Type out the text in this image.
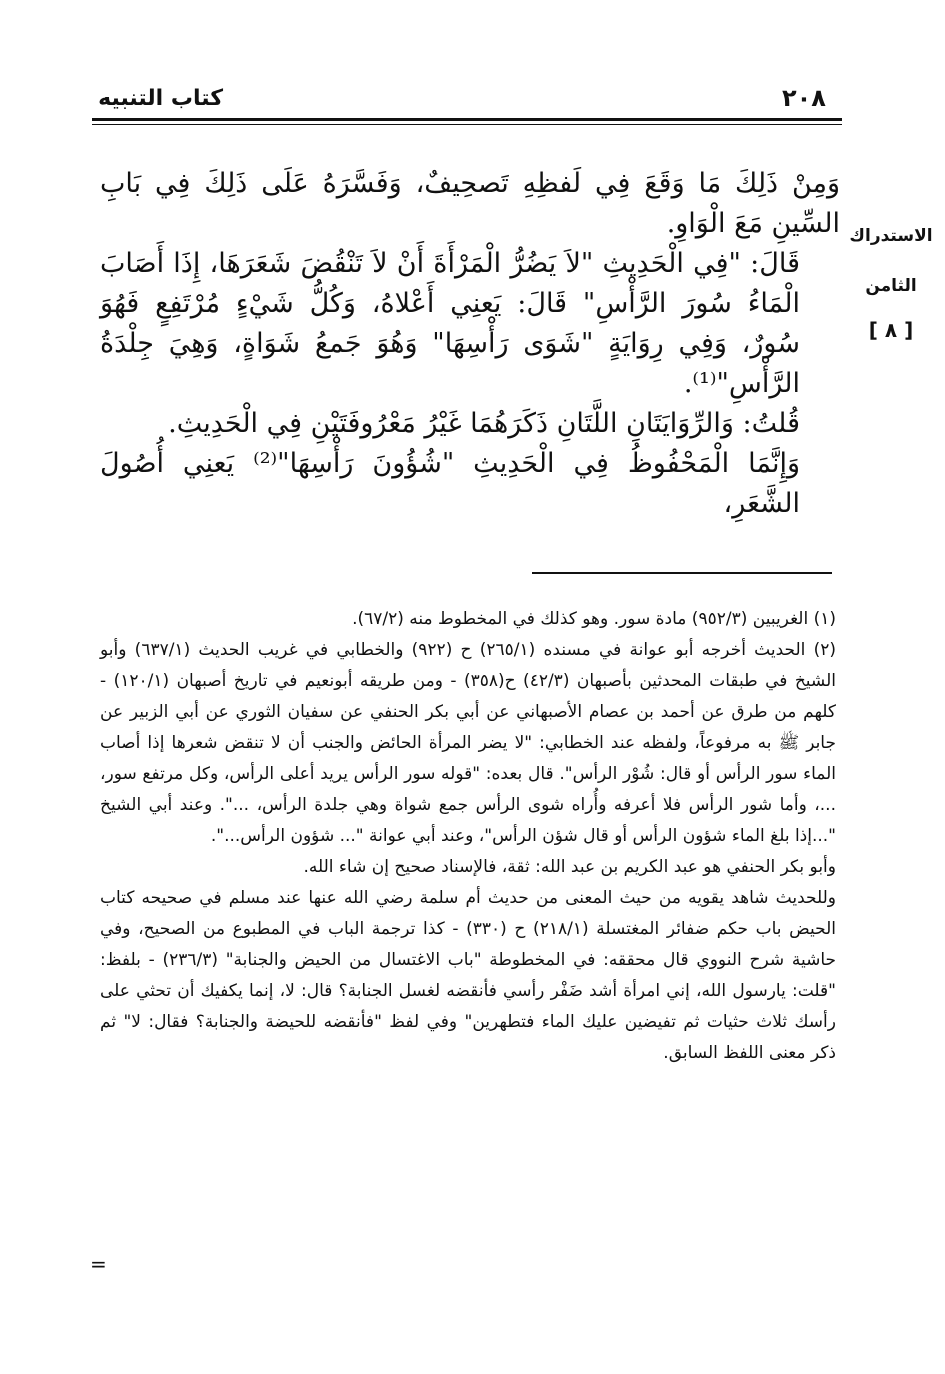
كتاب التنبيه	٢٠٨
الاستدراك
الثامن
[ ٨ ]

وَمِنْ ذَلِكَ مَا وَقَعَ فِي لَفظِهِ تَصحِيفٌ، وَفَسَّرَهُ عَلَى ذَلِكَ فِي بَابِ السِّينِ مَعَ الْوَاوِ.

قَالَ: "فِي الْحَدِيثِ "لاَ يَضُرُّ الْمَرْأَةَ أَنْ لاَ تَنْقُضَ شَعَرَهَا، إِذَا أَصَابَ الْمَاءُ سُورَ الرَّأْسِ" قَالَ: يَعنِي أَعْلاهُ، وَكُلُّ شَيْءٍ مُرْتَفِعٍ فَهُوَ سُورٌ، وَفِي رِوَايَةٍ "شَوَى رَأْسِهَا" وَهُوَ جَمعُ شَوَاةٍ، وَهِيَ جِلْدَةُ الرَّأْسِ"⁽¹⁾.

قُلتُ: وَالرِّوَايَتَانِ اللَّتَانِ ذَكَرَهُمَا غَيْرُ مَعْرُوفَتَيْنِ فِي الْحَدِيثِ.

وَإِنَّمَا الْمَحْفُوظُ فِي الْحَدِيثِ "شُؤُونَ رَأْسِهَا"⁽²⁾ يَعنِي أُصُولَ الشَّعَرِ،

(١) الغريبين (٩٥٢/٣) مادة سور. وهو كذلك في المخطوط منه (٦٧/٢).

(٢) الحديث أخرجه أبو عوانة في مسنده (٢٦٥/١) ح (٩٢٢) والخطابي في غريب الحديث (٦٣٧/١) وأبو الشيخ في طبقات المحدثين بأصبهان (٤٢/٣) ح(٣٥٨) - ومن طريقه أبونعيم في تاريخ أصبهان (١٢٠/١) - كلهم من طرق عن أحمد بن عصام الأصبهاني عن أبي بكر الحنفي عن سفيان الثوري عن أبي الزبير عن جابر ﷺ به مرفوعاً، ولفظه عند الخطابي: "لا يضر المرأة الحائض والجنب أن لا تنقض شعرها إذا أصاب الماء سور الرأس أو قال: شُوْر الرأس". قال بعده: "قوله سور الرأس يريد أعلى الرأس، وكل مرتفع سور، ...، وأما شور الرأس فلا أعرفه وأُراه شوى الرأس جمع شواة وهي جلدة الرأس، ...". وعند أبي الشيخ "...إذا بلغ الماء شؤون الرأس أو قال شؤن الرأس"، وعند أبي عوانة "... شؤون الرأس...".

وأبو بكر الحنفي هو عبد الكريم بن عبد الله: ثقة، فالإسناد صحيح إن شاء الله.

وللحديث شاهد يقويه من حيث المعنى من حديث أم سلمة رضي الله عنها عند مسلم في صحيحه كتاب الحيض باب حكم ضفائر المغتسلة (٢١٨/١) ح (٣٣٠) - كذا ترجمة الباب في المطبوع من الصحيح، وفي حاشية شرح النووي قال محققه: في المخطوطة "باب الاغتسال من الحيض والجنابة" (٢٣٦/٣) - بلفظ: "قلت: يارسول الله، إني امرأة أشد ضَفْر رأسي فأنقضه لغسل الجنابة؟ قال: لا، إنما يكفيك أن تحثي على رأسك ثلاث حثيات ثم تفيضين عليك الماء فتطهرين" وفي لفظ "فأنقضه للحيضة والجنابة؟ فقال: لا" ثم ذكر معنى اللفظ السابق.

=
